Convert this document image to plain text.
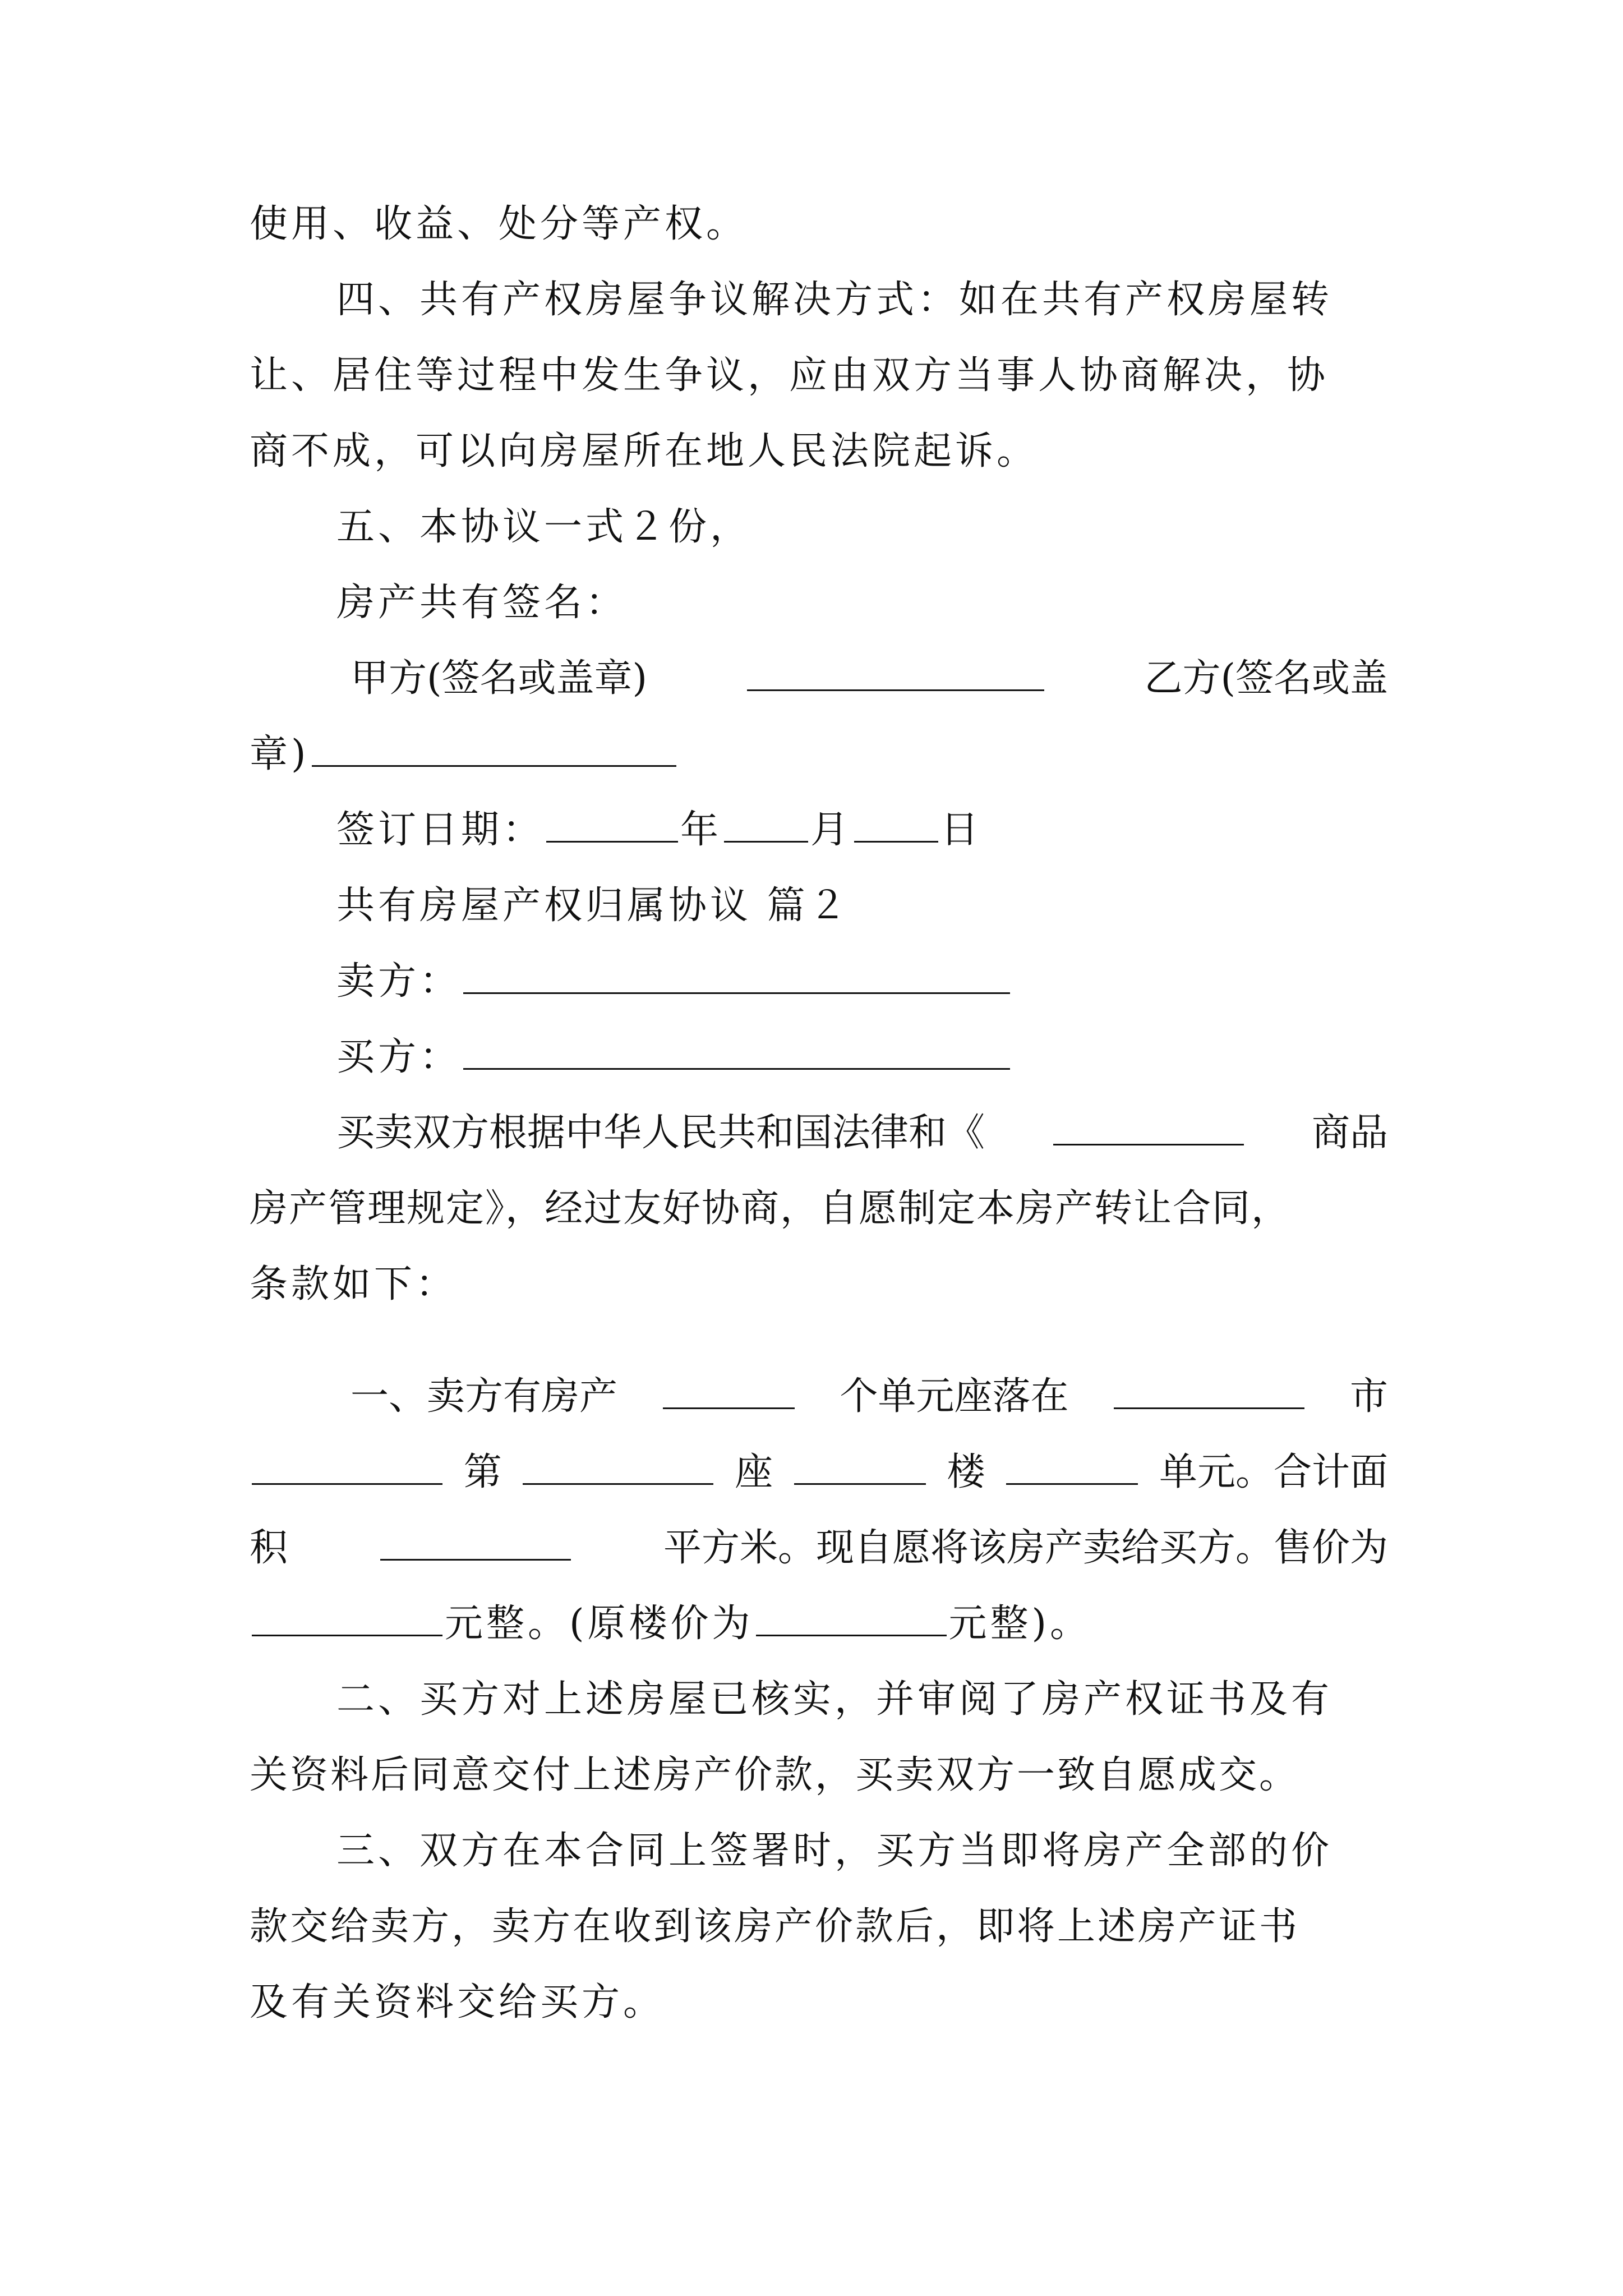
使用、收益、处分等产权。
四、共有产权房屋争议解决方式：如在共有产权房屋转
让、居住等过程中发生争议，应由双方当事人协商解决，协
商不成，可以向房屋所在地人民法院起诉。
五、本协议一式２份，
房产共有签名：
甲方(签名或盖章)	乙方(签名或盖
章)
签订日期：	年 月 日
共有房屋产权归属协议 篇２
卖方：
买方：
买卖双方根据中华人民共和国法律和《	商品
房产管理规定》，经过友好协商，自愿制定本房产转让合同，
条款如下：
一、卖方有房产	个单元座落在	市
第	座	楼	单元。合计面
积	平方米。现自愿将该房产卖给买方。售价为
元整。(原楼价为	元整)。
二、买方对上述房屋已核实，并审阅了房产权证书及有
关资料后同意交付上述房产价款，买卖双方一致自愿成交。
三、双方在本合同上签署时，买方当即将房产全部的价
款交给卖方，卖方在收到该房产价款后，即将上述房产证书
及有关资料交给买方。
